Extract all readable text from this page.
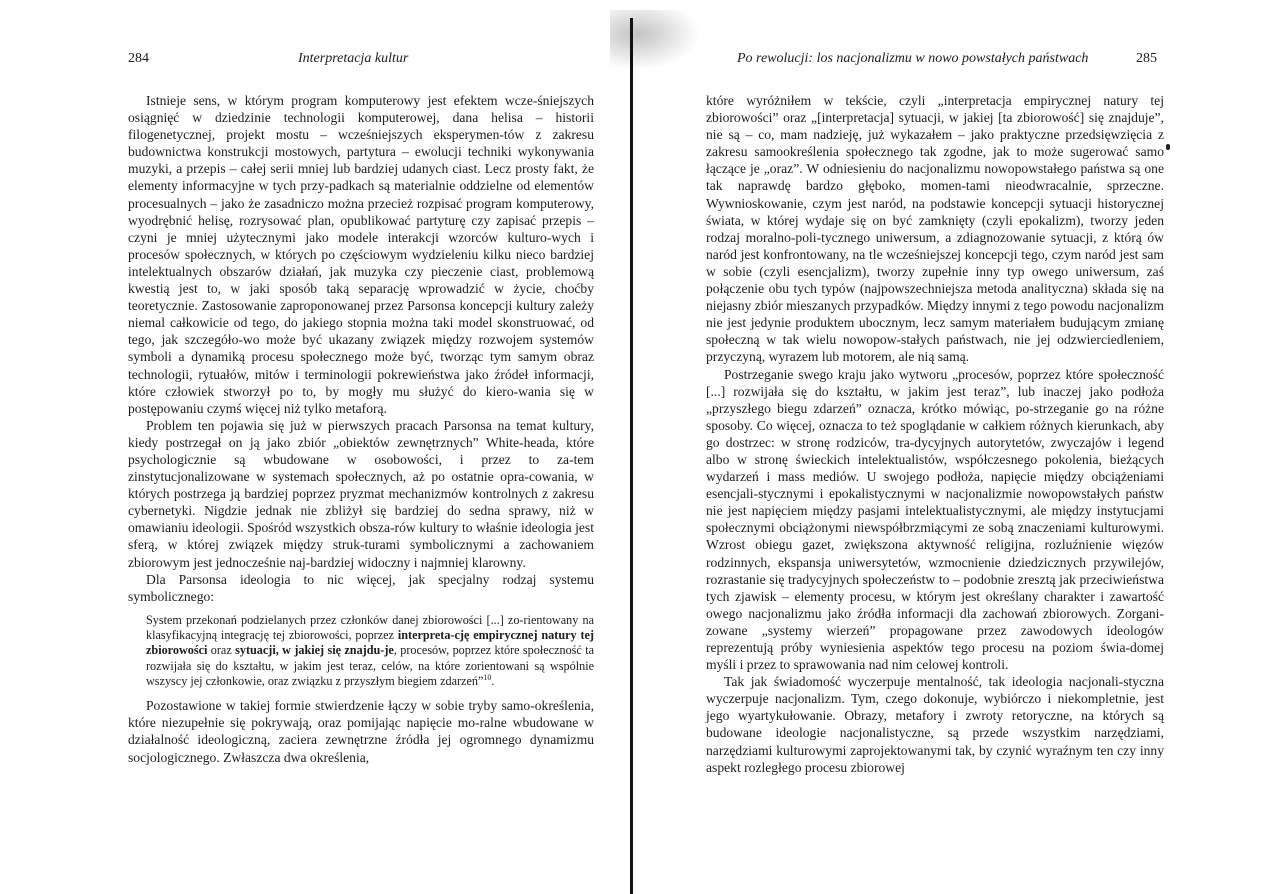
284	Interpretacja kultur

Istnieje sens, w którym program komputerowy jest efektem wcze-śniejszych osiągnięć w dziedzinie technologii komputerowej, dana helisa – historii filogenetycznej, projekt mostu – wcześniejszych eksperymen-tów z zakresu budownictwa konstrukcji mostowych, partytura – ewolucji techniki wykonywania muzyki, a przepis – całej serii mniej lub bardziej udanych ciast. Lecz prosty fakt, że elementy informacyjne w tych przy-padkach są materialnie oddzielne od elementów procesualnych – jako że zasadniczo można przecież rozpisać program komputerowy, wyodrębnić helisę, rozrysować plan, opublikować partyturę czy zapisać przepis – czyni je mniej użytecznymi jako modele interakcji wzorców kulturo-wych i procesów społecznych, w których po częściowym wydzieleniu kilku nieco bardziej intelektualnych obszarów działań, jak muzyka czy pieczenie ciast, problemową kwestią jest to, w jaki sposób taką separację wprowadzić w życie, choćby teoretycznie. Zastosowanie zaproponowanej przez Parsonsa koncepcji kultury zależy niemal całkowicie od tego, do jakiego stopnia można taki model skonstruować, od tego, jak szczegóło-wo może być ukazany związek między rozwojem systemów symboli a dynamiką procesu społecznego może być, tworząc tym samym obraz technologii, rytuałów, mitów i terminologii pokrewieństwa jako źródeł informacji, które człowiek stworzył po to, by mogły mu służyć do kiero-wania się w postępowaniu czymś więcej niż tylko metaforą.

Problem ten pojawia się już w pierwszych pracach Parsonsa na temat kultury, kiedy postrzegał on ją jako zbiór „obiektów zewnętrznych” White-heada, które psychologicznie są wbudowane w osobowości, i przez to za-tem zinstytucjonalizowane w systemach społecznych, aż po ostatnie opra-cowania, w których postrzega ją bardziej poprzez pryzmat mechanizmów kontrolnych z zakresu cybernetyki. Nigdzie jednak nie zbliżył się bardziej do sedna sprawy, niż w omawianiu ideologii. Spośród wszystkich obsza-rów kultury to właśnie ideologia jest sferą, w której związek między struk-turami symbolicznymi a zachowaniem zbiorowym jest jednocześnie naj-bardziej widoczny i najmniej klarowny.

Dla Parsonsa ideologia to nic więcej, jak specjalny rodzaj systemu symbolicznego:

System przekonań podzielanych przez członków danej zbiorowości [...] zo-rientowany na klasyfikacyjną integrację tej zbiorowości, poprzez interpreta-cję empirycznej natury tej zbiorowości oraz sytuacji, w jakiej się znajdu-je, procesów, poprzez które społeczność ta rozwijała się do kształtu, w jakim jest teraz, celów, na które zorientowani są wspólnie wszyscy jej członkowie, oraz związku z przyszłym biegiem zdarzeń”$^{10}$.

Pozostawione w takiej formie stwierdzenie łączy w sobie tryby samo-określenia, które niezupełnie się pokrywają, oraz pomijając napięcie mo-ralne wbudowane w działalność ideologiczną, zaciera zewnętrzne źródła jej ogromnego dynamizmu socjologicznego. Zwłaszcza dwa określenia,

Po rewolucji: los nacjonalizmu w nowo powstałych państwach	285

które wyróżniłem w tekście, czyli „interpretacja empirycznej natury tej zbiorowości” oraz „[interpretacja] sytuacji, w jakiej [ta zbiorowość] się znajduje”, nie są – co, mam nadzieję, już wykazałem – jako praktyczne przedsięwzięcia z zakresu samookreślenia społecznego tak zgodne, jak to może sugerować samo łączące je „oraz”. W odniesieniu do nacjonalizmu nowopowstałego państwa są one tak naprawdę bardzo głęboko, momen-tami nieodwracalnie, sprzeczne. Wywnioskowanie, czym jest naród, na podstawie koncepcji sytuacji historycznej świata, w której wydaje się on być zamknięty (czyli epokalizm), tworzy jeden rodzaj moralno-poli-tycznego uniwersum, a zdiagnozowanie sytuacji, z którą ów naród jest konfrontowany, na tle wcześniejszej koncepcji tego, czym naród jest sam w sobie (czyli esencjalizm), tworzy zupełnie inny typ owego uniwersum, zaś połączenie obu tych typów (najpowszechniejsza metoda analityczna) składa się na niejasny zbiór mieszanych przypadków. Między innymi z tego powodu nacjonalizm nie jest jedynie produktem ubocznym, lecz samym materiałem budującym zmianę społeczną w tak wielu nowopow-stałych państwach, nie jej odzwierciedleniem, przyczyną, wyrazem lub motorem, ale nią samą.

Postrzeganie swego kraju jako wytworu „procesów, poprzez które społeczność [...] rozwijała się do kształtu, w jakim jest teraz”, lub inaczej jako podłoża „przyszłego biegu zdarzeń” oznacza, krótko mówiąc, po-strzeganie go na różne sposoby. Co więcej, oznacza to też spoglądanie w całkiem różnych kierunkach, aby go dostrzec: w stronę rodziców, tra-dycyjnych autorytetów, zwyczajów i legend albo w stronę świeckich intelektualistów, współczesnego pokolenia, bieżących wydarzeń i mass mediów. U swojego podłoża, napięcie między obciążeniami esencjali-stycznymi i epokalistycznymi w nacjonalizmie nowopowstałych państw nie jest napięciem między pasjami intelektualistycznymi, ale między instytucjami społecznymi obciążonymi niewspółbrzmiącymi ze sobą znaczeniami kulturowymi. Wzrost obiegu gazet, zwiększona aktywność religijna, rozluźnienie więzów rodzinnych, ekspansja uniwersytetów, wzmocnienie dziedzicznych przywilejów, rozrastanie się tradycyjnych społeczeństw to – podobnie zresztą jak przeciwieństwa tych zjawisk – elementy procesu, w którym jest określany charakter i zawartość owego nacjonalizmu jako źródła informacji dla zachowań zbiorowych. Zorgani-zowane „systemy wierzeń” propagowane przez zawodowych ideologów reprezentują próby wyniesienia aspektów tego procesu na poziom świa-domej myśli i przez to sprawowania nad nim celowej kontroli.

Tak jak świadomość wyczerpuje mentalność, tak ideologia nacjonali-styczna wyczerpuje nacjonalizm. Tym, czego dokonuje, wybiórczo i niekompletnie, jest jego wyartykułowanie. Obrazy, metafory i zwroty retoryczne, na których są budowane ideologie nacjonalistyczne, są przede wszystkim narzędziami, narzędziami kulturowymi zaprojektowanymi tak, by czynić wyraźnym ten czy inny aspekt rozległego procesu zbiorowej
